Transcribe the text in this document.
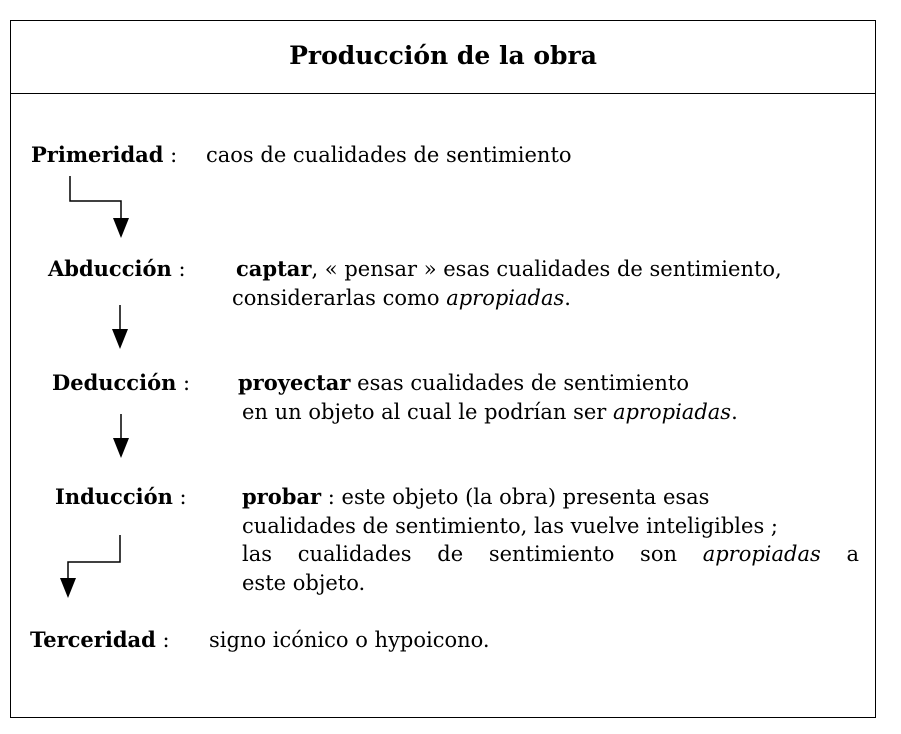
Producción de la obra

Primeridad : caos de cualidades de sentimiento

Abducción : captar, « pensar » esas cualidades de sentimiento,
considerarlas como apropiadas.

Deducción : proyectar esas cualidades de sentimiento
en un objeto al cual le podrían ser apropiadas.

Inducción :	probar : este objeto (la obra) presenta esas
cualidades de sentimiento, las vuelve inteligibles ;
las cualidades de sentimiento son apropiadas a
este objeto.

Terceridad : signo icónico o hypoicono.
